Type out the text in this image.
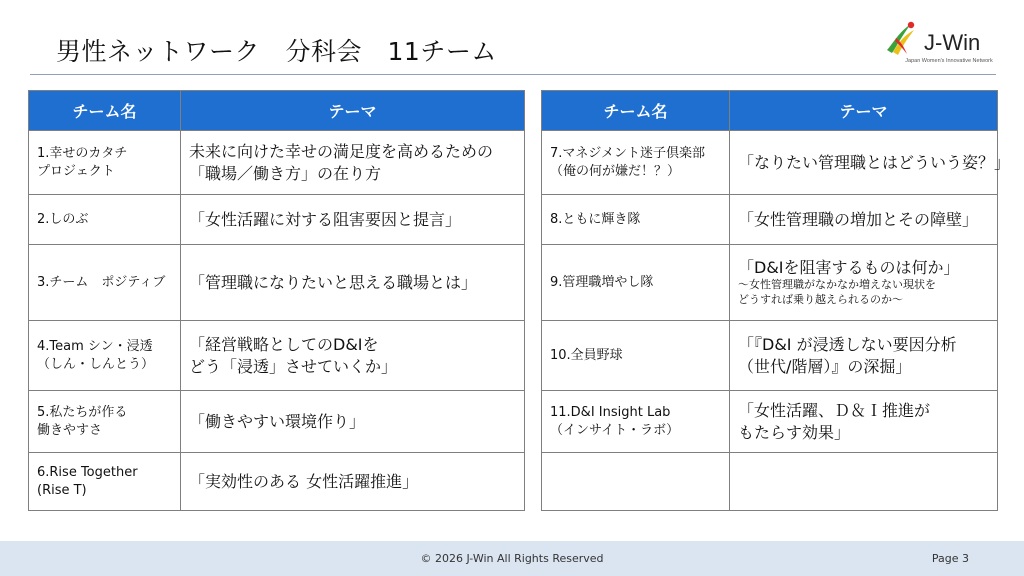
男性ネットワーク　分科会　11チーム	J-Win
Japan Women's Innovative Network
チーム名	テーマ

1.幸せのカタチ
プロジェクト	未来に向けた幸せの満足度を高めるための
「職場／働き方」の在り方

2.しのぶ	「女性活躍に対する阻害要因と提言」

3.チーム　ポジティブ	「管理職になりたいと思える職場とは」

4.Team シン・浸透
（しん・しんとう）	「経営戦略としてのD&Iを
どう「浸透」させていくか」

5.私たちが作る
働きやすさ	「働きやすい環境作り」

6.Rise Together
(Rise T)	「実効性のある 女性活躍推進」
チーム名	テーマ

7.マネジメント迷子倶楽部
（俺の何が嫌だ！？）	「なりたい管理職とはどういう姿？」

8.ともに輝き隊	「女性管理職の増加とその障壁」

9.管理職増やし隊	「D&Iを阻害するものは何か」
～女性管理職がなかなか増えない現状を
どうすれば乗り越えられるのか～

10.全員野球	「『D&I が浸透しない要因分析
（世代/階層）』の深掘」

11.D&I Insight Lab
（インサイト・ラボ）	「女性活躍、Ｄ＆Ｉ推進が
もたらす効果」

© 2026 J-Win All Rights Reserved	Page 3
